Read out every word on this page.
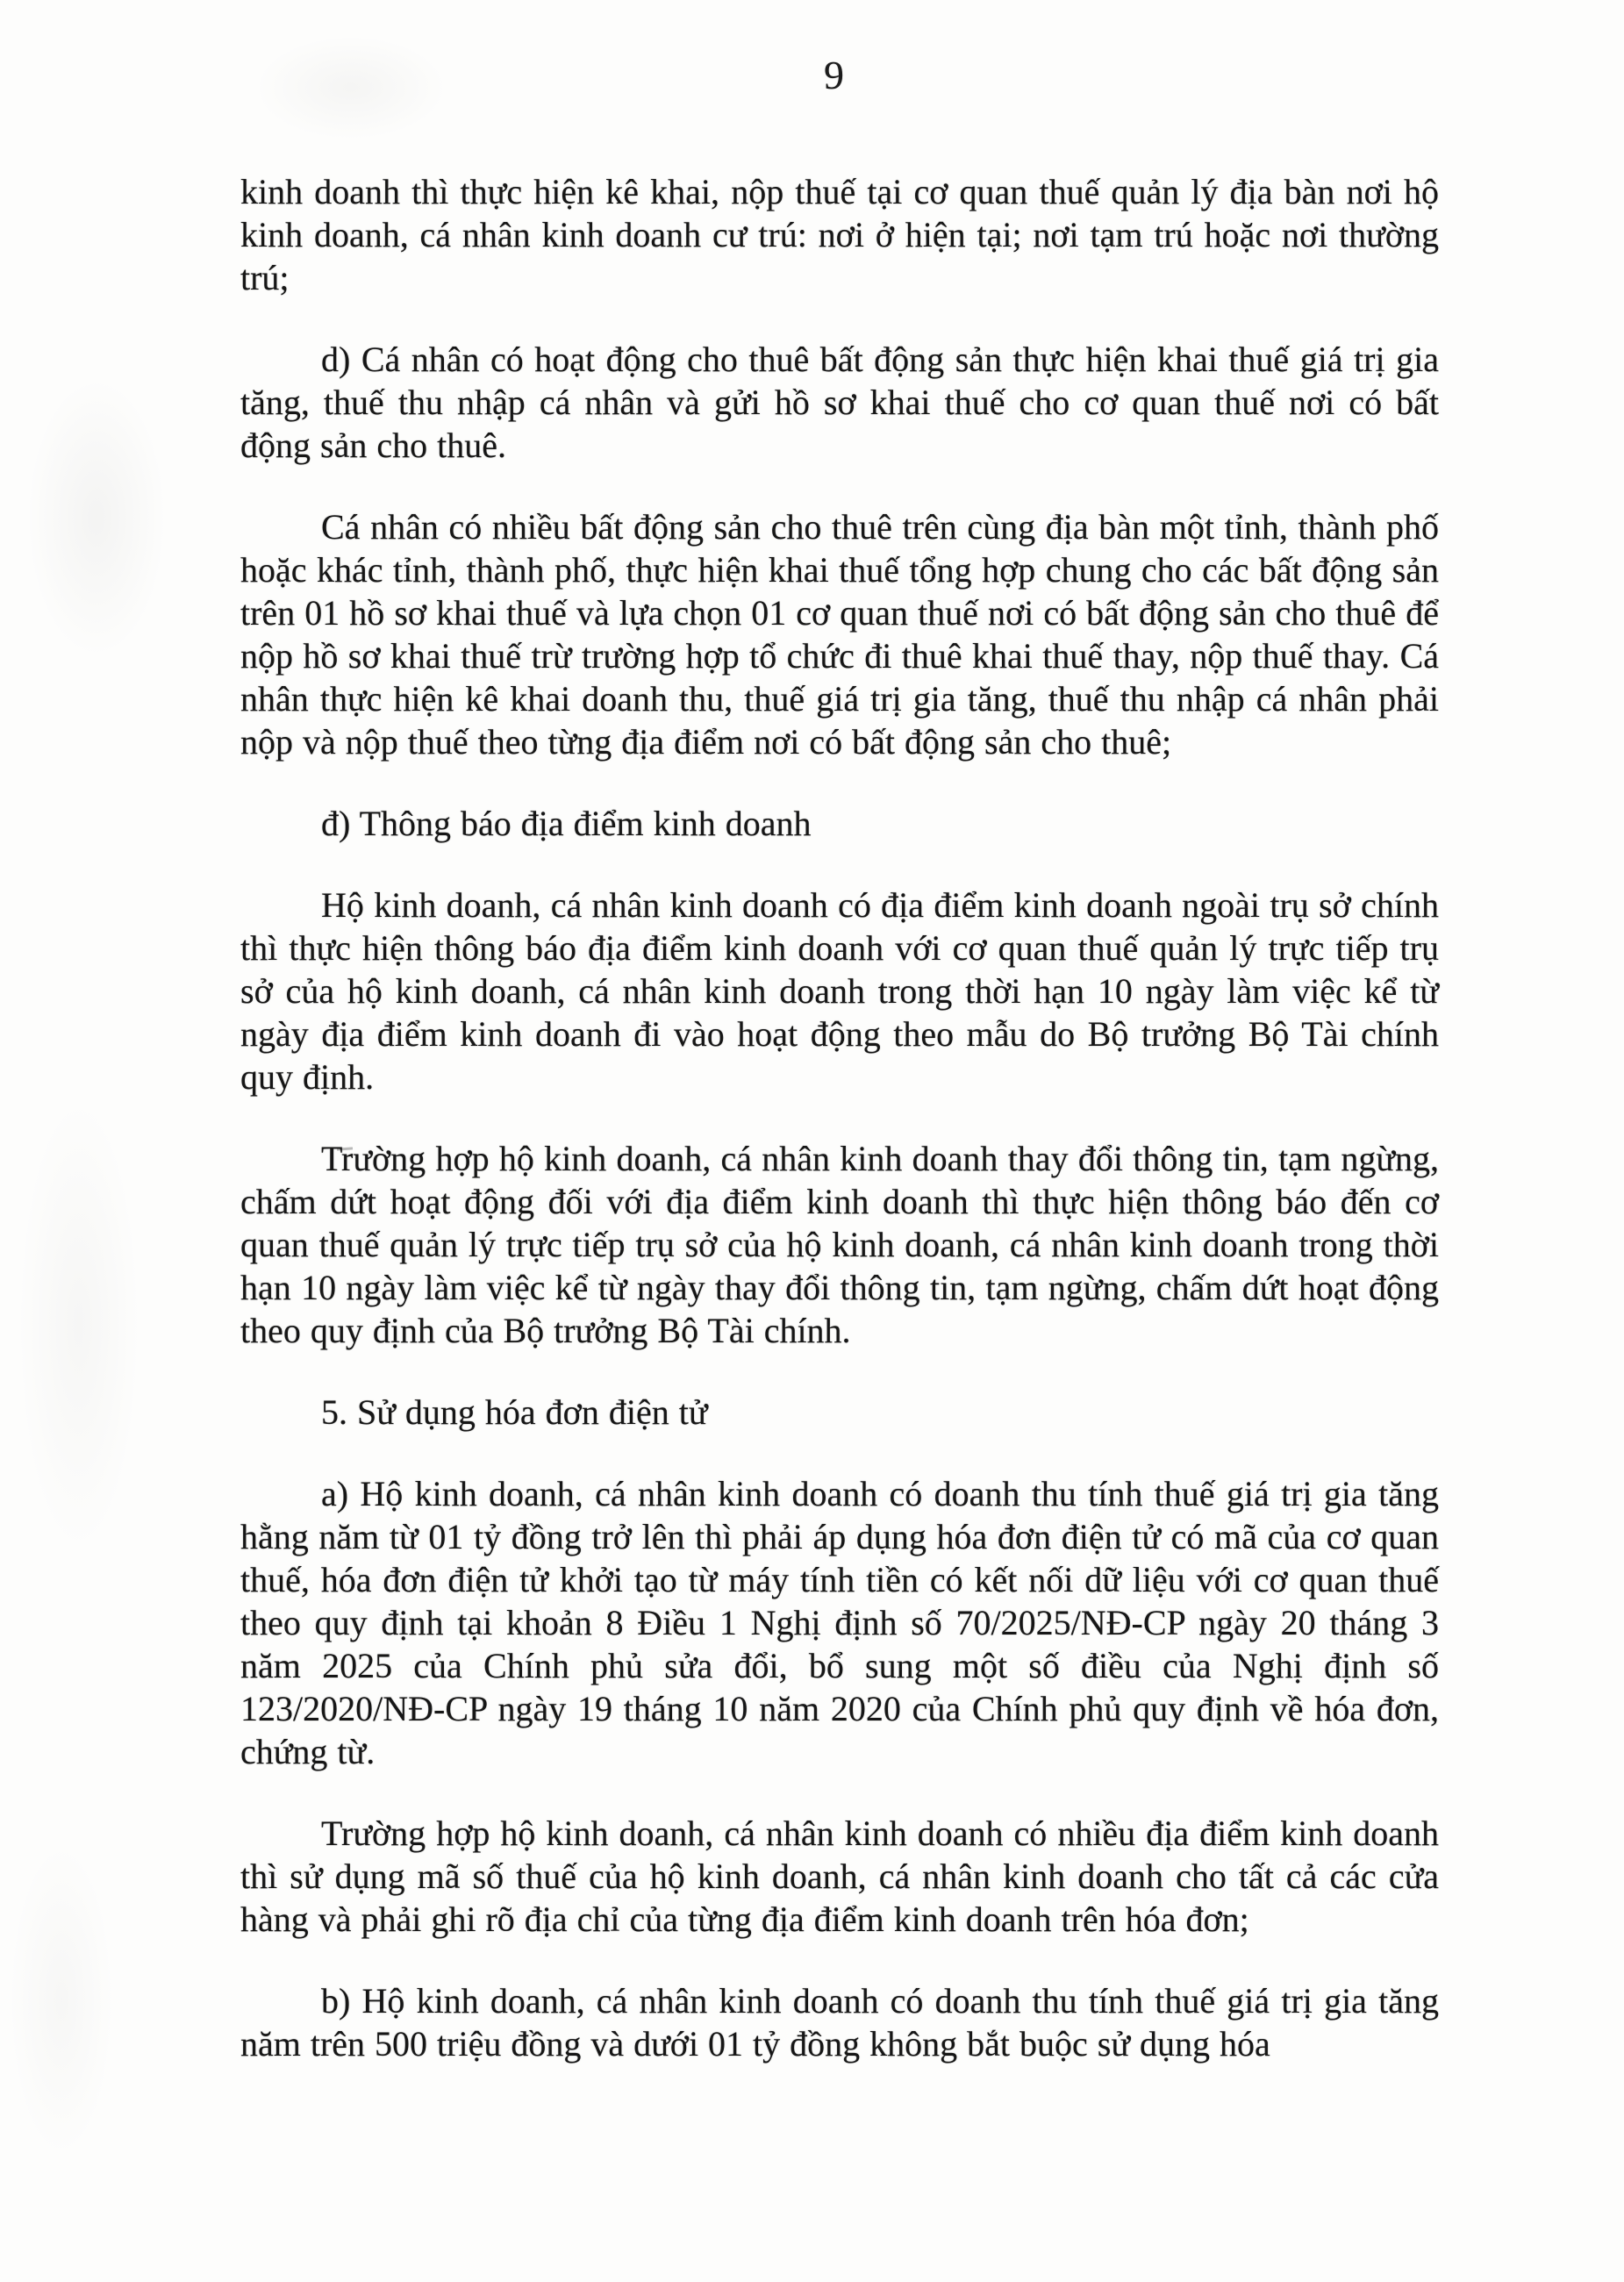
9

kinh doanh thì thực hiện kê khai, nộp thuế tại cơ quan thuế quản lý địa bàn nơi hộ kinh doanh, cá nhân kinh doanh cư trú: nơi ở hiện tại; nơi tạm trú hoặc nơi thường trú;

d) Cá nhân có hoạt động cho thuê bất động sản thực hiện khai thuế giá trị gia tăng, thuế thu nhập cá nhân và gửi hồ sơ khai thuế cho cơ quan thuế nơi có bất động sản cho thuê.

Cá nhân có nhiều bất động sản cho thuê trên cùng địa bàn một tỉnh, thành phố hoặc khác tỉnh, thành phố, thực hiện khai thuế tổng hợp chung cho các bất động sản trên 01 hồ sơ khai thuế và lựa chọn 01 cơ quan thuế nơi có bất động sản cho thuê để nộp hồ sơ khai thuế trừ trường hợp tổ chức đi thuê khai thuế thay, nộp thuế thay. Cá nhân thực hiện kê khai doanh thu, thuế giá trị gia tăng, thuế thu nhập cá nhân phải nộp và nộp thuế theo từng địa điểm nơi có bất động sản cho thuê;

đ) Thông báo địa điểm kinh doanh

Hộ kinh doanh, cá nhân kinh doanh có địa điểm kinh doanh ngoài trụ sở chính thì thực hiện thông báo địa điểm kinh doanh với cơ quan thuế quản lý trực tiếp trụ sở của hộ kinh doanh, cá nhân kinh doanh trong thời hạn 10 ngày làm việc kể từ ngày địa điểm kinh doanh đi vào hoạt động theo mẫu do Bộ trưởng Bộ Tài chính quy định.

Trường hợp hộ kinh doanh, cá nhân kinh doanh thay đổi thông tin, tạm ngừng, chấm dứt hoạt động đối với địa điểm kinh doanh thì thực hiện thông báo đến cơ quan thuế quản lý trực tiếp trụ sở của hộ kinh doanh, cá nhân kinh doanh trong thời hạn 10 ngày làm việc kể từ ngày thay đổi thông tin, tạm ngừng, chấm dứt hoạt động theo quy định của Bộ trưởng Bộ Tài chính.

5. Sử dụng hóa đơn điện tử

a) Hộ kinh doanh, cá nhân kinh doanh có doanh thu tính thuế giá trị gia tăng hằng năm từ 01 tỷ đồng trở lên thì phải áp dụng hóa đơn điện tử có mã của cơ quan thuế, hóa đơn điện tử khởi tạo từ máy tính tiền có kết nối dữ liệu với cơ quan thuế theo quy định tại khoản 8 Điều 1 Nghị định số 70/2025/NĐ-CP ngày 20 tháng 3 năm 2025 của Chính phủ sửa đổi, bổ sung một số điều của Nghị định số 123/2020/NĐ-CP ngày 19 tháng 10 năm 2020 của Chính phủ quy định về hóa đơn, chứng từ.

Trường hợp hộ kinh doanh, cá nhân kinh doanh có nhiều địa điểm kinh doanh thì sử dụng mã số thuế của hộ kinh doanh, cá nhân kinh doanh cho tất cả các cửa hàng và phải ghi rõ địa chỉ của từng địa điểm kinh doanh trên hóa đơn;

b) Hộ kinh doanh, cá nhân kinh doanh có doanh thu tính thuế giá trị gia tăng năm trên 500 triệu đồng và dưới 01 tỷ đồng không bắt buộc sử dụng hóa
